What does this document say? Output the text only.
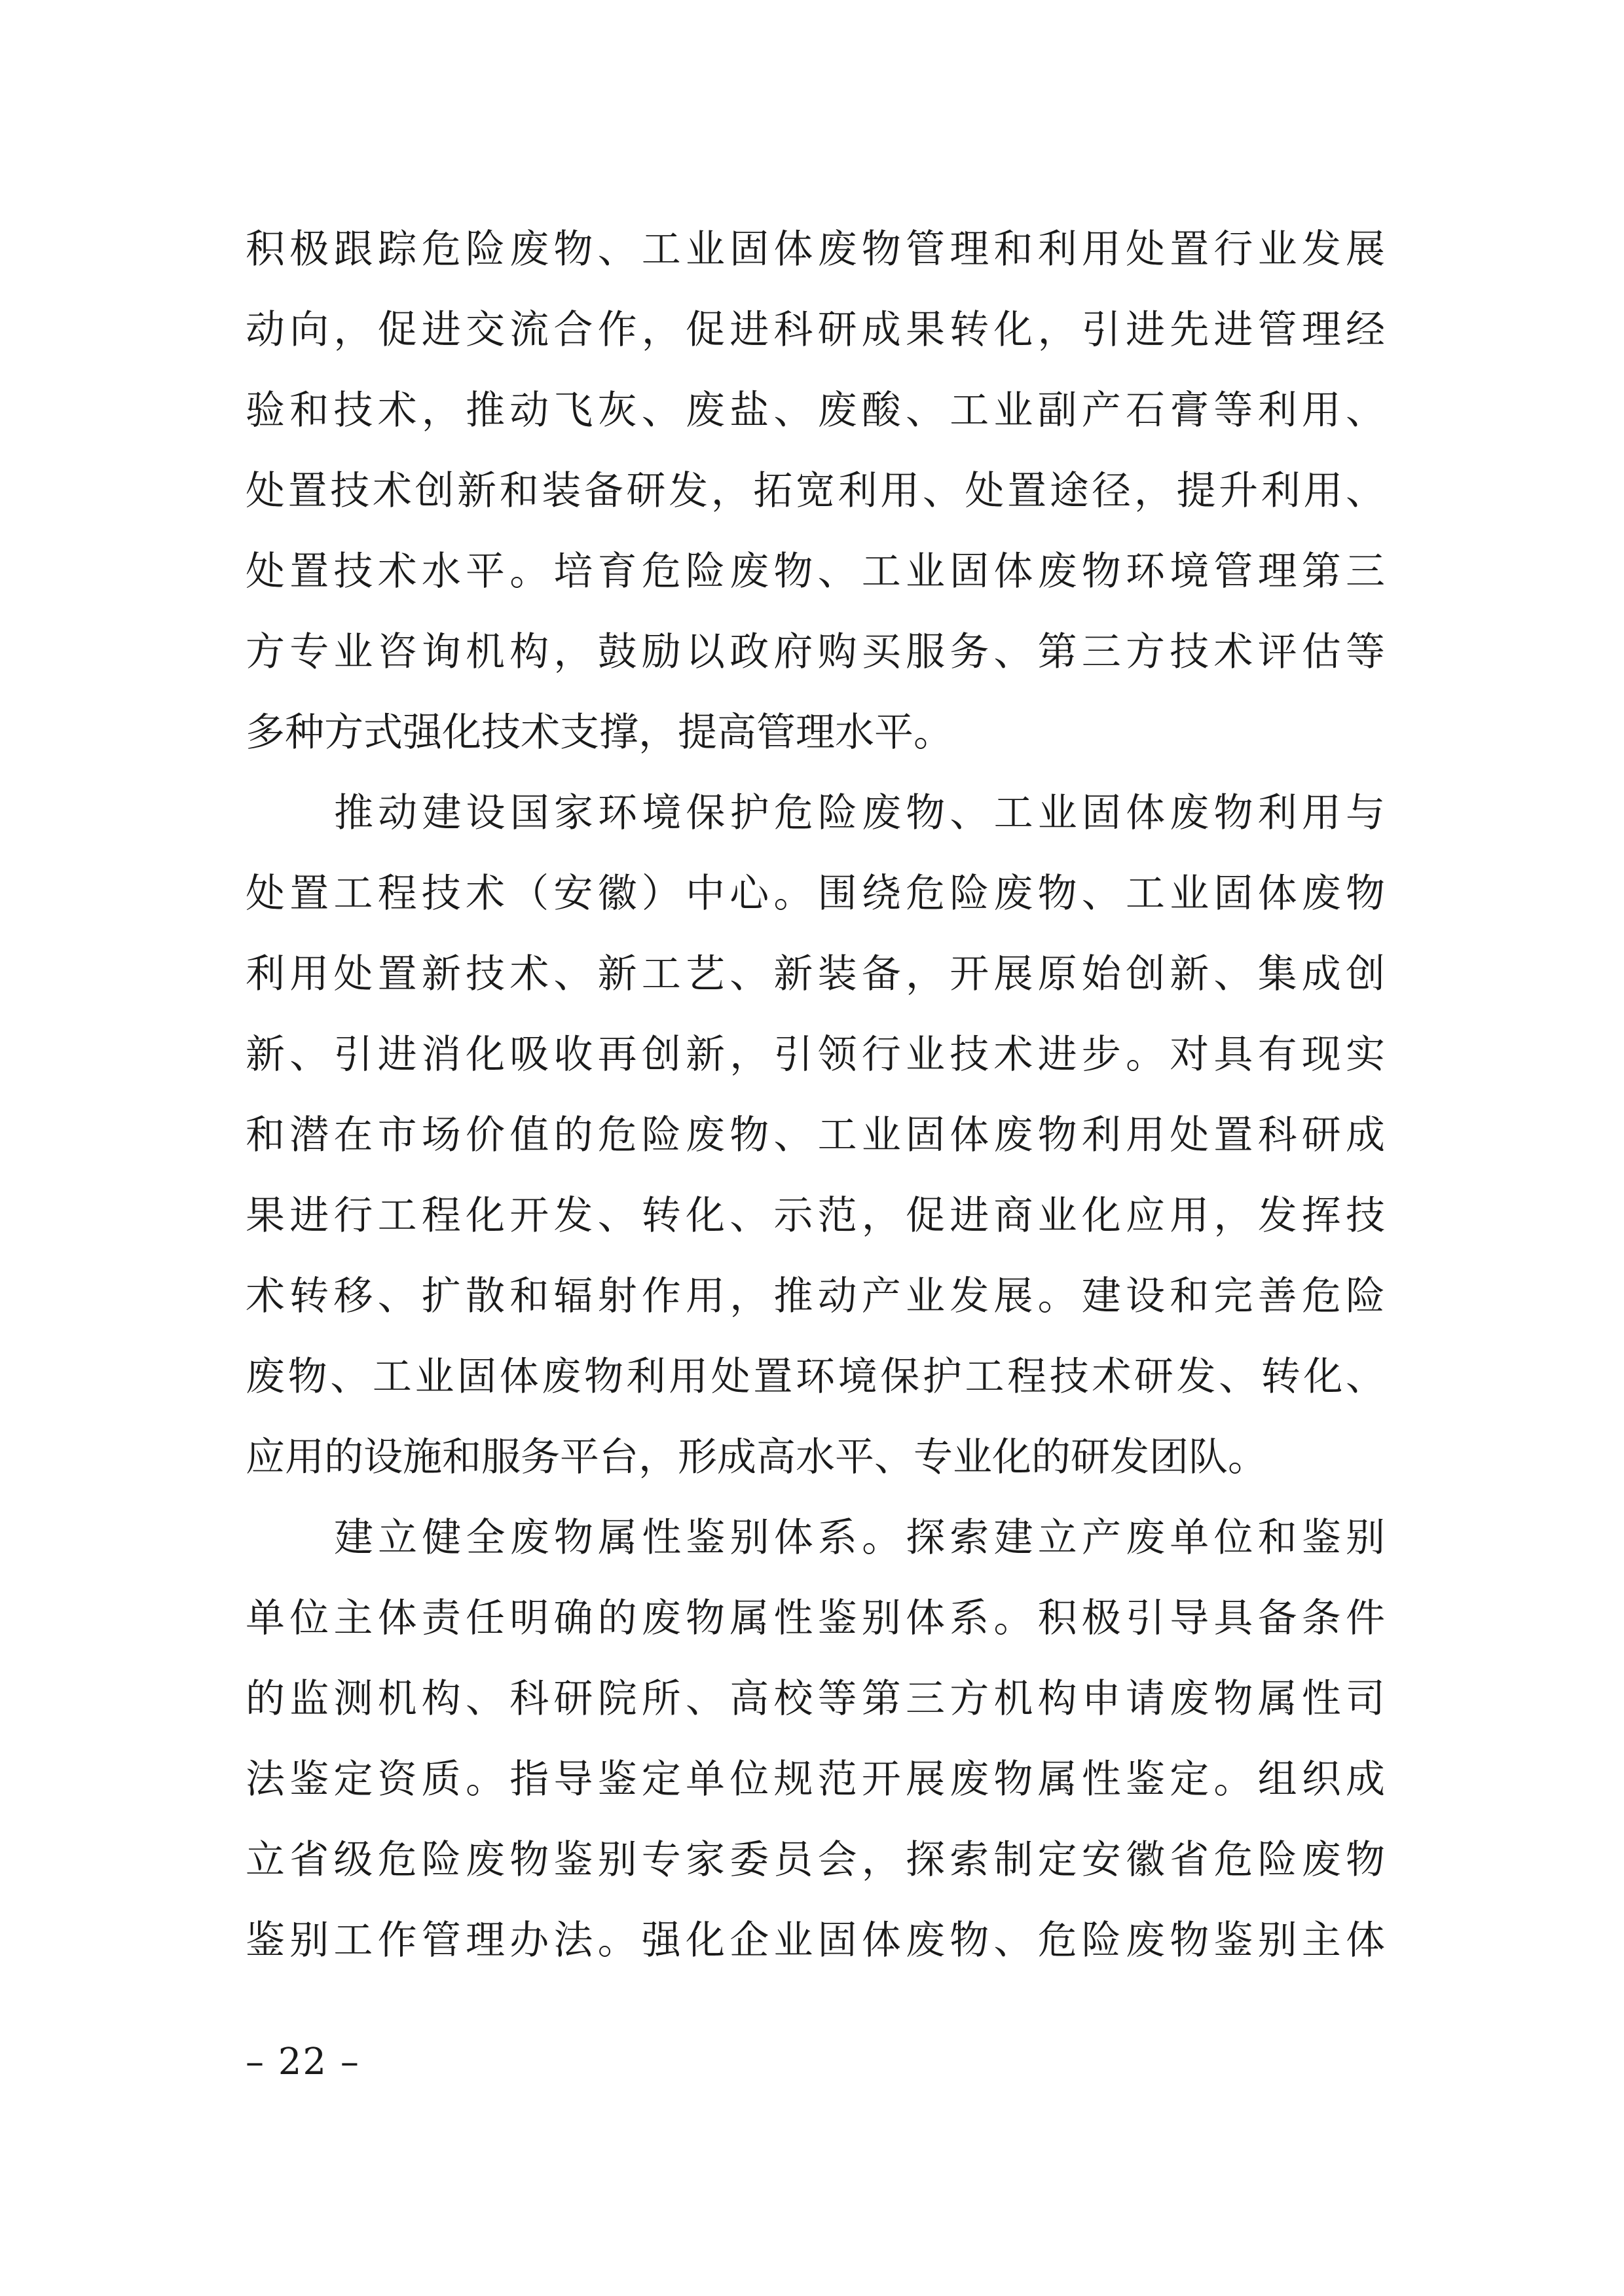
积极跟踪危险废物、工业固体废物管理和利用处置行业发展
动向，促进交流合作，促进科研成果转化，引进先进管理经
验和技术，推动飞灰、废盐、废酸、工业副产石膏等利用、
处置技术创新和装备研发，拓宽利用、处置途径，提升利用、
处置技术水平。培育危险废物、工业固体废物环境管理第三
方专业咨询机构，鼓励以政府购买服务、第三方技术评估等
多种方式强化技术支撑，提高管理水平。
推动建设国家环境保护危险废物、工业固体废物利用与
处置工程技术（安徽）中心。围绕危险废物、工业固体废物
利用处置新技术、新工艺、新装备，开展原始创新、集成创
新、引进消化吸收再创新，引领行业技术进步。对具有现实
和潜在市场价值的危险废物、工业固体废物利用处置科研成
果进行工程化开发、转化、示范，促进商业化应用，发挥技
术转移、扩散和辐射作用，推动产业发展。建设和完善危险
废物、工业固体废物利用处置环境保护工程技术研发、转化、
应用的设施和服务平台，形成高水平、专业化的研发团队。
建立健全废物属性鉴别体系。探索建立产废单位和鉴别
单位主体责任明确的废物属性鉴别体系。积极引导具备条件
的监测机构、科研院所、高校等第三方机构申请废物属性司
法鉴定资质。指导鉴定单位规范开展废物属性鉴定。组织成
立省级危险废物鉴别专家委员会，探索制定安徽省危险废物
鉴别工作管理办法。强化企业固体废物、危险废物鉴别主体
– 22 –
